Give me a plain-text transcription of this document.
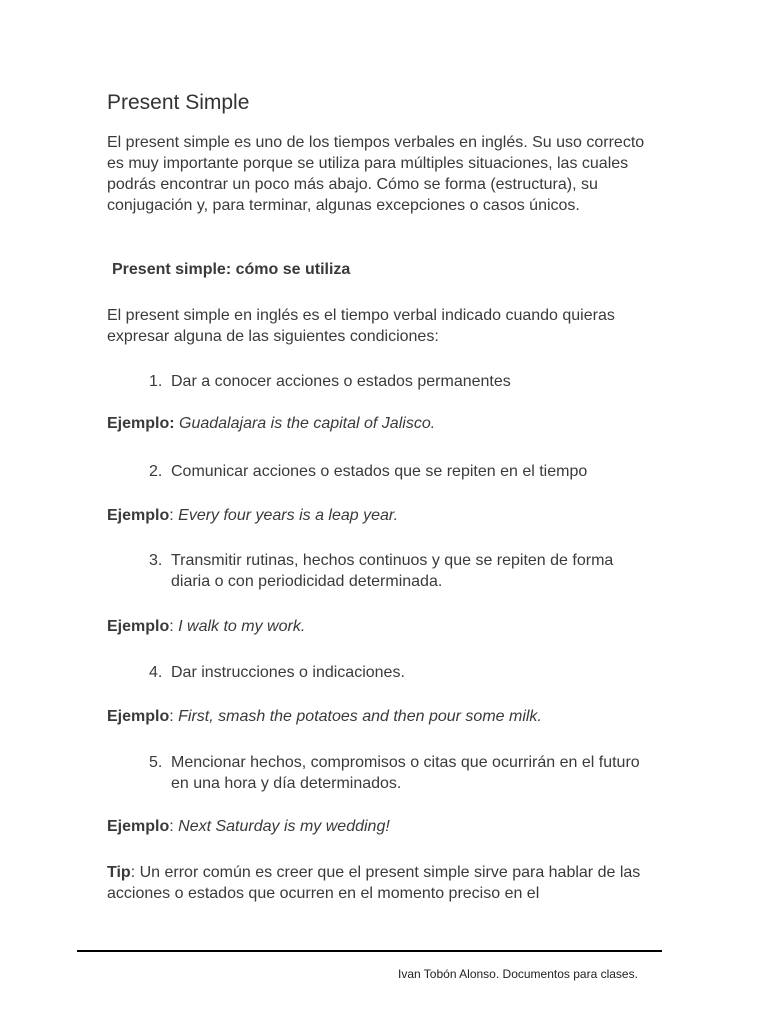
Present Simple

El present simple es uno de los tiempos verbales en inglés. Su uso correcto es muy importante porque se utiliza para múltiples situaciones, las cuales podrás encontrar un poco más abajo. Cómo se forma (estructura), su conjugación y, para terminar, algunas excepciones o casos únicos.

Present simple: cómo se utiliza

El present simple en inglés es el tiempo verbal indicado cuando quieras expresar alguna de las siguientes condiciones:

1. Dar a conocer acciones o estados permanentes
Ejemplo: Guadalajara is the capital of Jalisco.
2. Comunicar acciones o estados que se repiten en el tiempo
Ejemplo: Every four years is a leap year.
3. Transmitir rutinas, hechos continuos y que se repiten de forma diaria o con periodicidad determinada.
Ejemplo: I walk to my work.
4. Dar instrucciones o indicaciones.
Ejemplo: First, smash the potatoes and then pour some milk.
5. Mencionar hechos, compromisos o citas que ocurrirán en el futuro en una hora y día determinados.
Ejemplo: Next Saturday is my wedding!
Tip: Un error común es creer que el present simple sirve para hablar de las acciones o estados que ocurren en el momento preciso en el
Ivan Tobón Alonso. Documentos para clases.
